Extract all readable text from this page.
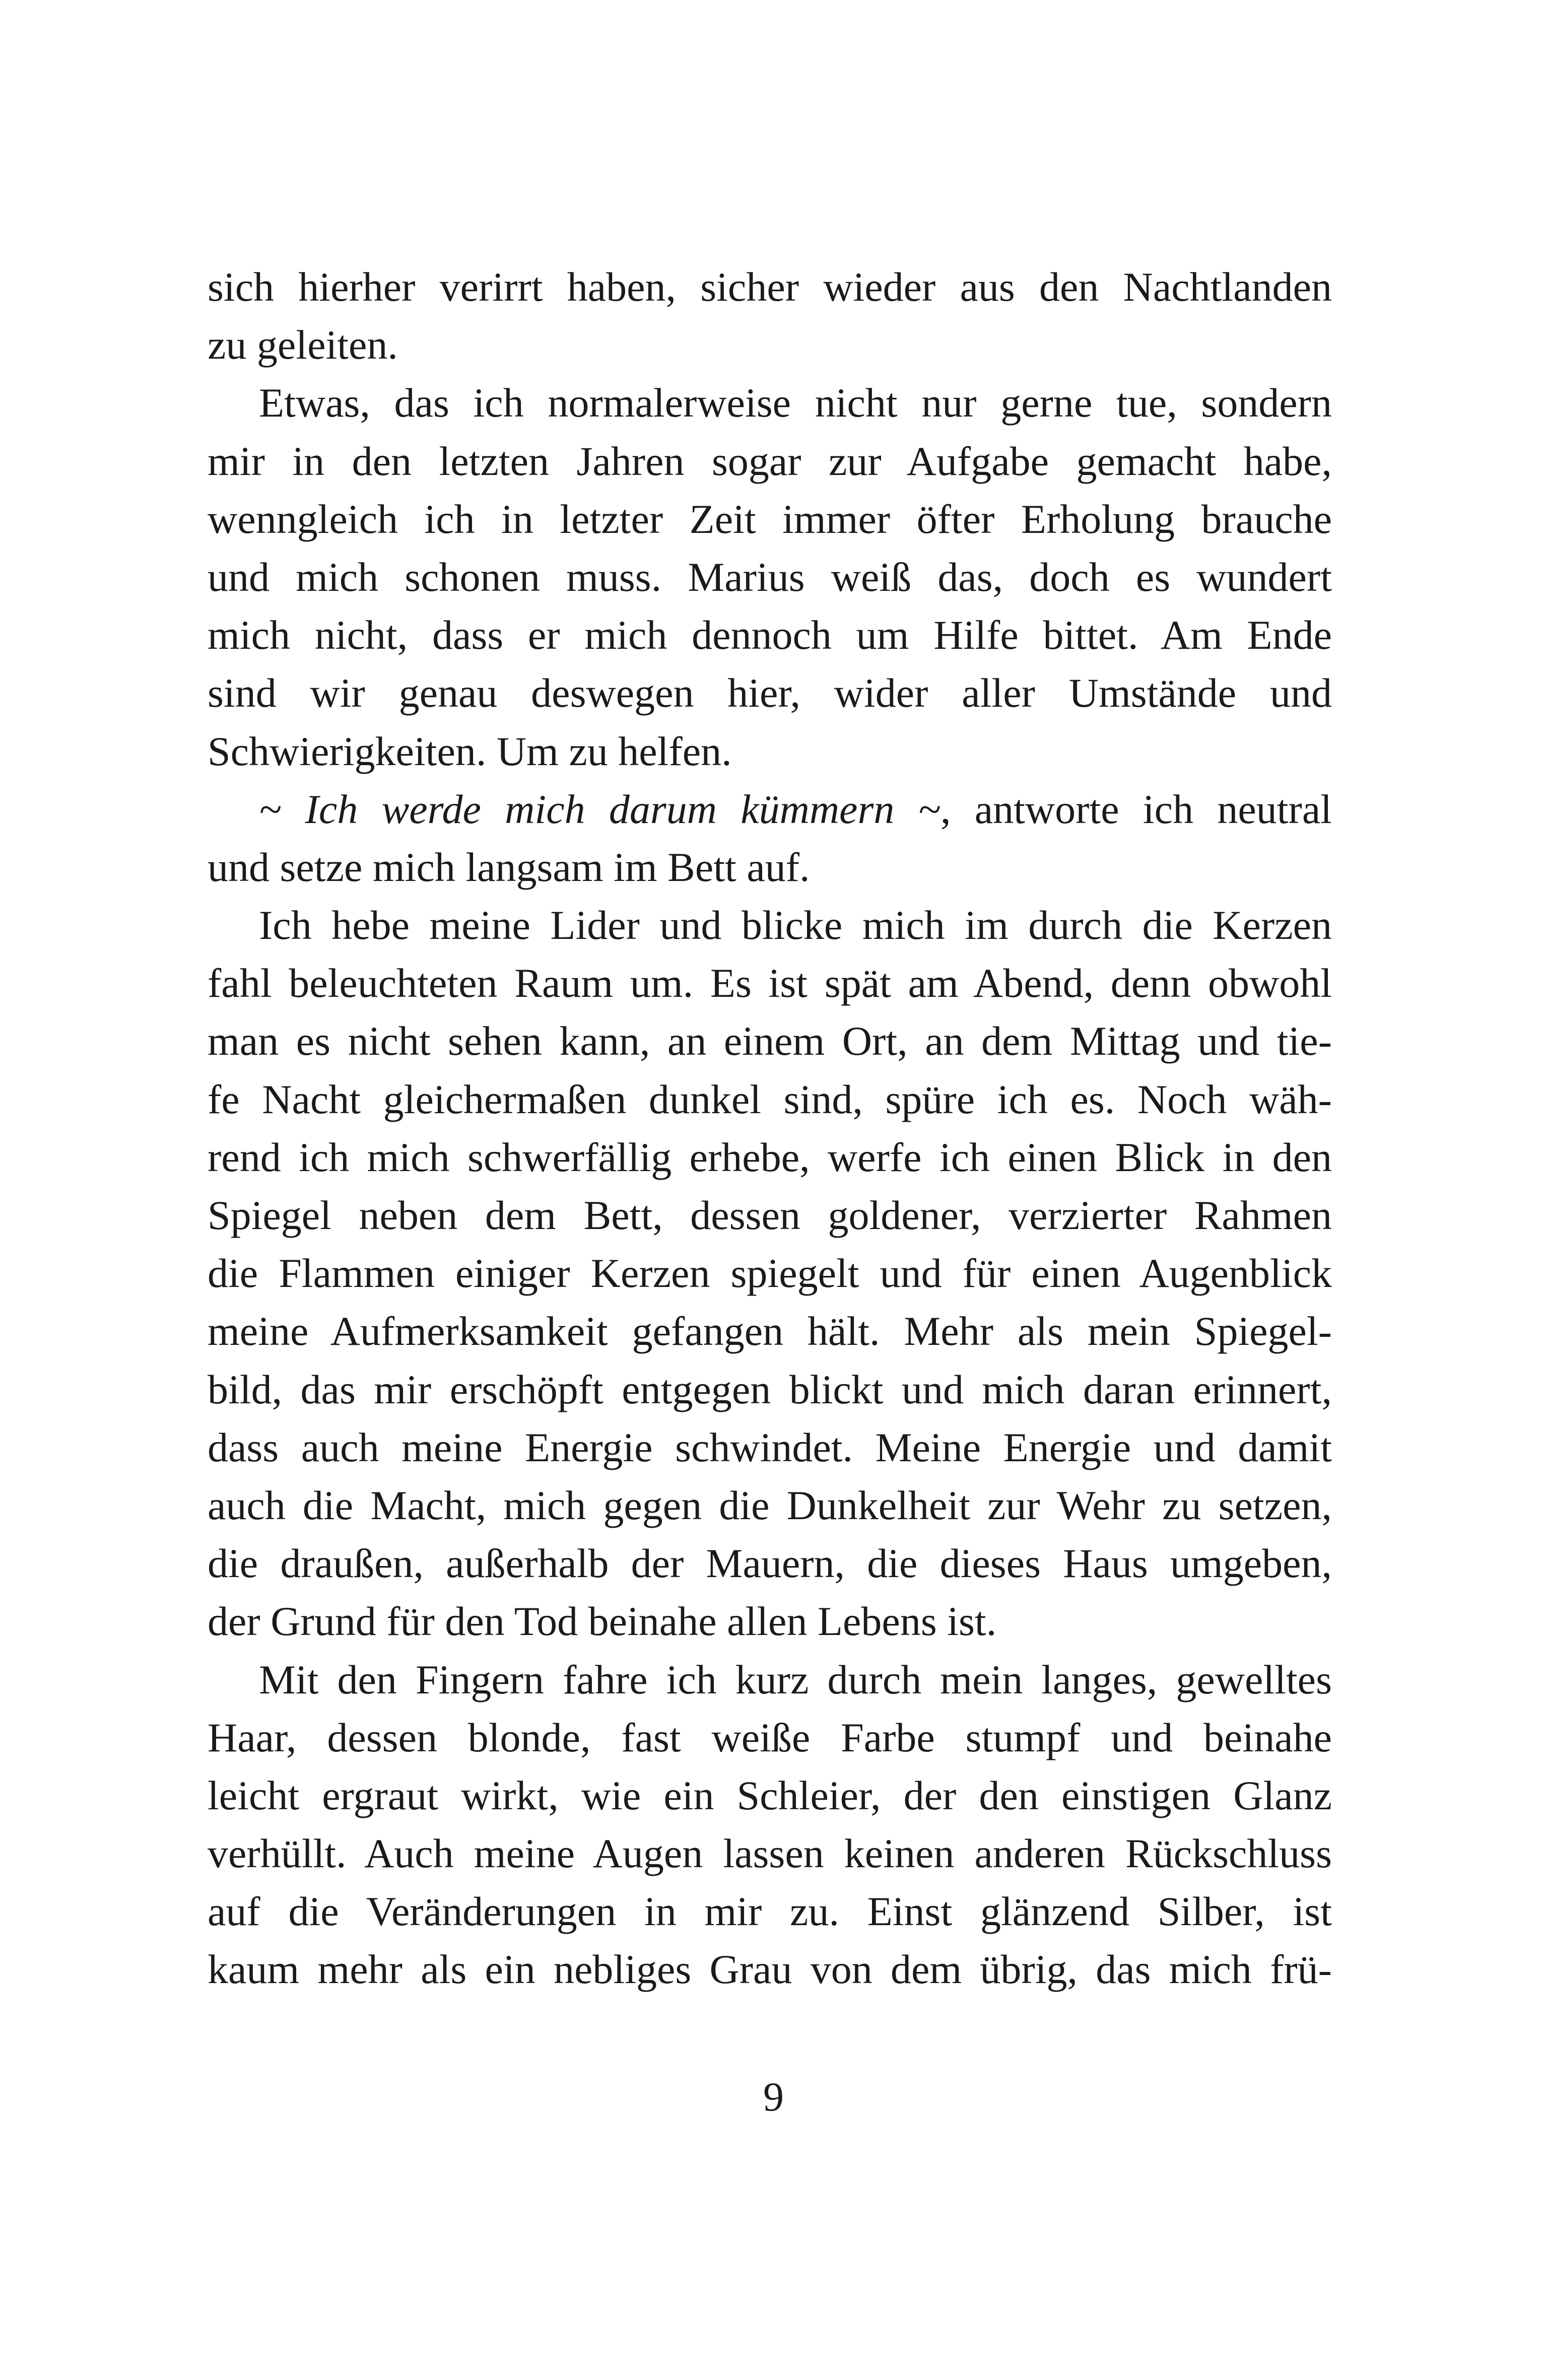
sich hierher verirrt haben, sicher wieder aus den Nachtlanden
zu geleiten.
Etwas, das ich normalerweise nicht nur gerne tue, sondern
mir in den letzten Jahren sogar zur Aufgabe gemacht habe,
wenngleich ich in letzter Zeit immer öfter Erholung brauche
und mich schonen muss. Marius weiß das, doch es wundert
mich nicht, dass er mich dennoch um Hilfe bittet. Am Ende
sind wir genau deswegen hier, wider aller Umstände und
Schwierigkeiten. Um zu helfen.
~ Ich werde mich darum kümmern ~, antworte ich neutral
und setze mich langsam im Bett auf.
Ich hebe meine Lider und blicke mich im durch die Kerzen
fahl beleuchteten Raum um. Es ist spät am Abend, denn obwohl
man es nicht sehen kann, an einem Ort, an dem Mittag und tie-
fe Nacht gleichermaßen dunkel sind, spüre ich es. Noch wäh-
rend ich mich schwerfällig erhebe, werfe ich einen Blick in den
Spiegel neben dem Bett, dessen goldener, verzierter Rahmen
die Flammen einiger Kerzen spiegelt und für einen Augenblick
meine Aufmerksamkeit gefangen hält. Mehr als mein Spiegel-
bild, das mir erschöpft entgegen blickt und mich daran erinnert,
dass auch meine Energie schwindet. Meine Energie und damit
auch die Macht, mich gegen die Dunkelheit zur Wehr zu setzen,
die draußen, außerhalb der Mauern, die dieses Haus umgeben,
der Grund für den Tod beinahe allen Lebens ist.
Mit den Fingern fahre ich kurz durch mein langes, gewelltes
Haar, dessen blonde, fast weiße Farbe stumpf und beinahe
leicht ergraut wirkt, wie ein Schleier, der den einstigen Glanz
verhüllt. Auch meine Augen lassen keinen anderen Rückschluss
auf die Veränderungen in mir zu. Einst glänzend Silber, ist
kaum mehr als ein nebliges Grau von dem übrig, das mich frü-
9
